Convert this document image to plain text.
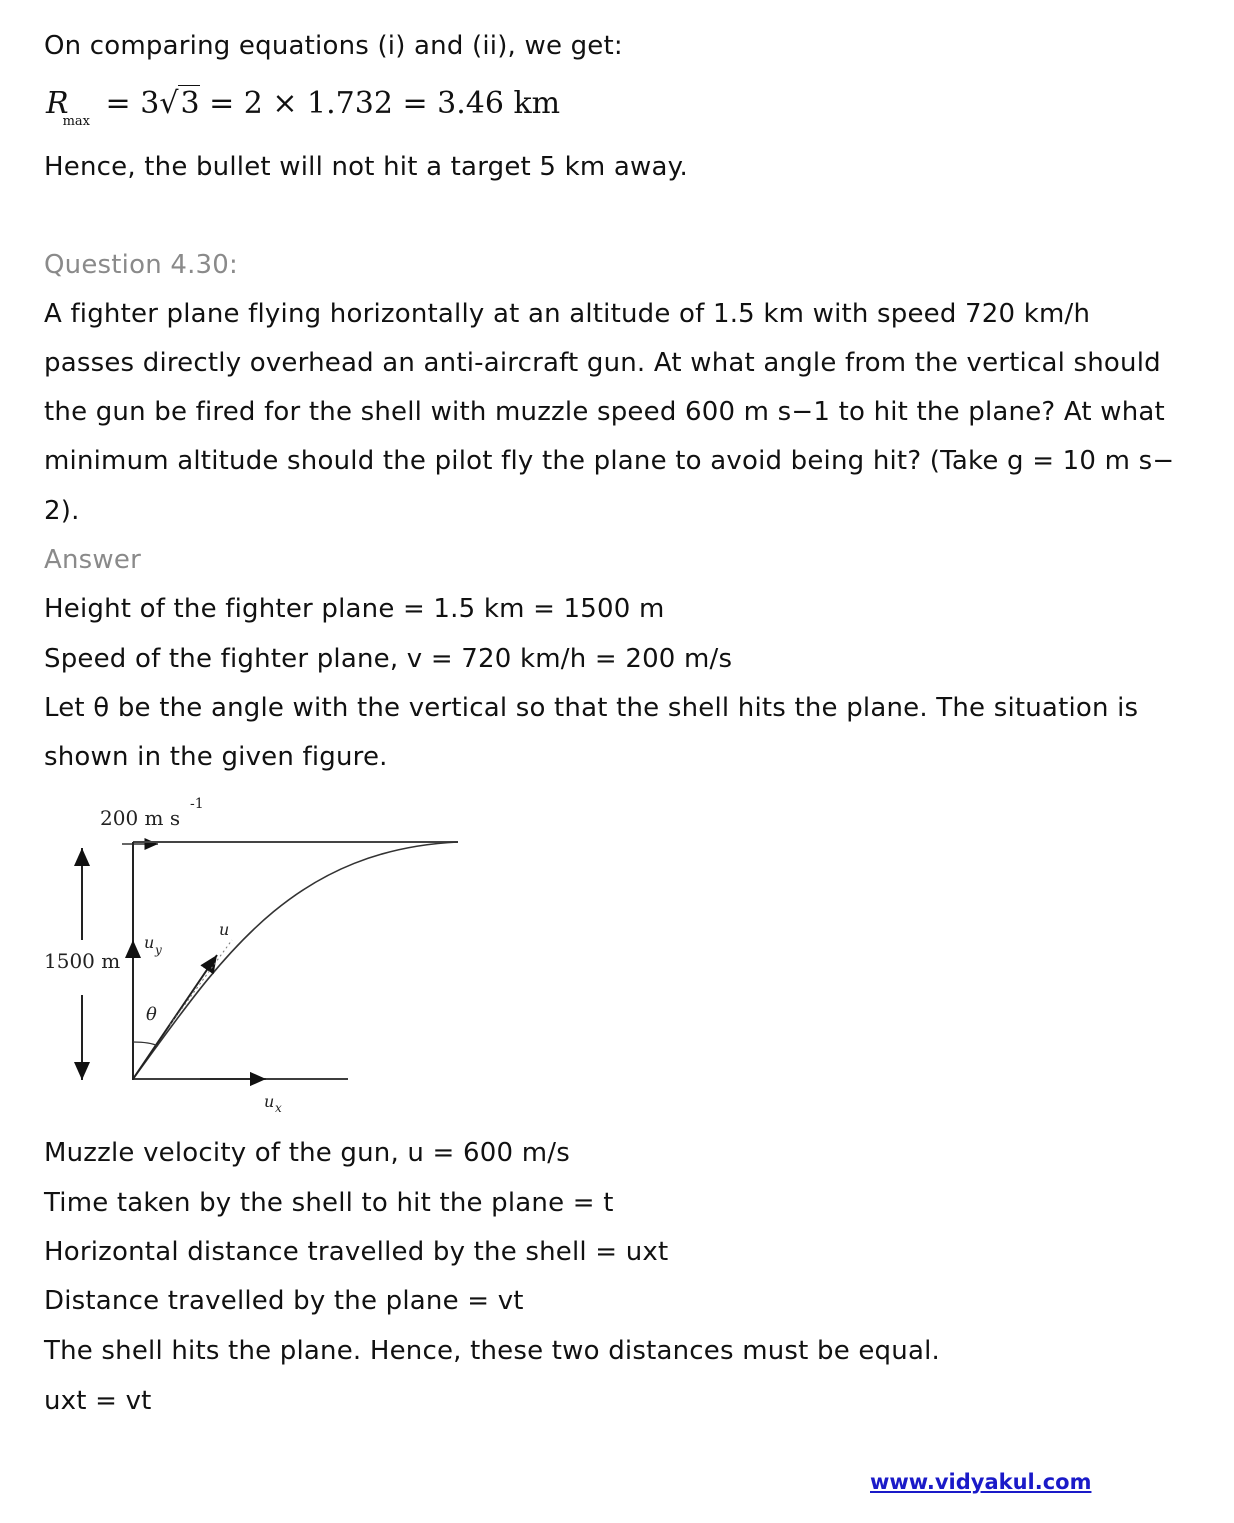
On comparing equations (i) and (ii), we get:
$R_{max} = 3√3 = 2 \times 1.732 = 3.46$ km
Hence, the bullet will not hit a target 5 km away.
Question 4.30:
A fighter plane flying horizontally at an altitude of 1.5 km with speed 720 km/h
passes directly overhead an anti-aircraft gun. At what angle from the vertical should
the gun be fired for the shell with muzzle speed 600 m s−1 to hit the plane? At what
minimum altitude should the pilot fly the plane to avoid being hit? (Take g = 10 m s−
2).
Answer
Height of the fighter plane = 1.5 km = 1500 m
Speed of the fighter plane, v = 720 km/h = 200 m/s
Let θ be the angle with the vertical so that the shell hits the plane. The situation is
shown in the given figure.
200 m s
-1
1500 m
u y
u
θ
u x
Muzzle velocity of the gun, u = 600 m/s
Time taken by the shell to hit the plane = t
Horizontal distance travelled by the shell = uxt
Distance travelled by the plane = vt
The shell hits the plane. Hence, these two distances must be equal.
uxt = vt
www.vidyakul.com
